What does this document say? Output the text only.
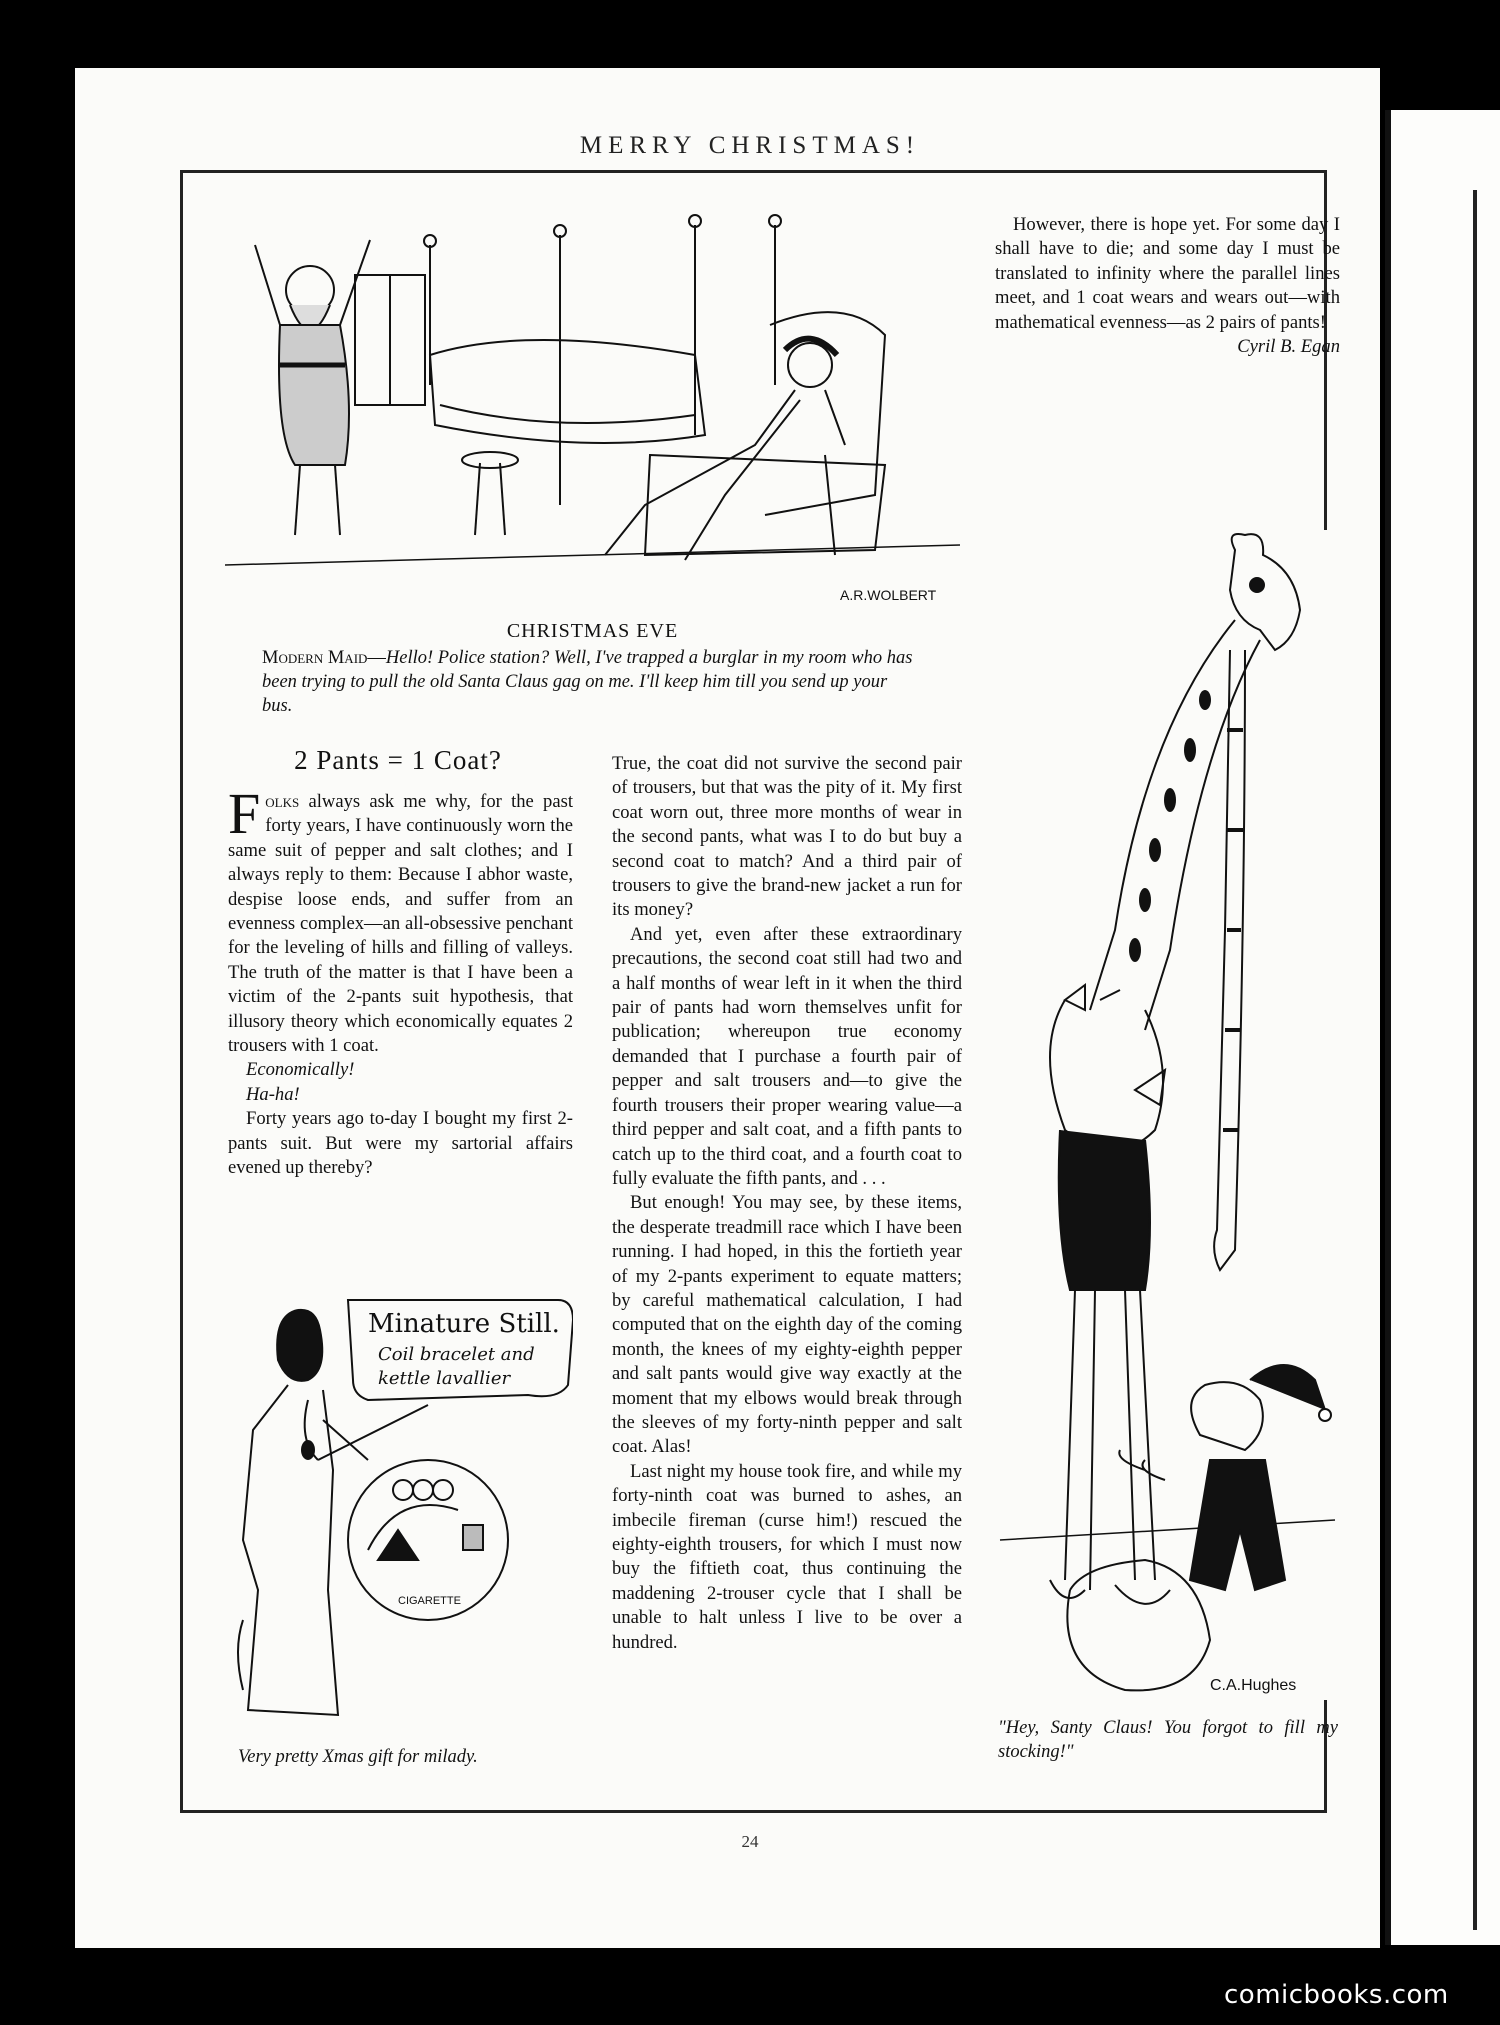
MERRY CHRISTMAS!
A.R.WOLBERT
CHRISTMAS EVE
Modern Maid—Hello! Police station? Well, I've trapped a burglar in my room who has been trying to pull the old Santa Claus gag on me. I'll keep him till you send up your bus.
2 Pants = 1 Coat?

Folks always ask me why, for the past forty years, I have continuously worn the same suit of pepper and salt clothes; and I always reply to them: Because I abhor waste, despise loose ends, and suffer from an evenness complex—an all-obsessive penchant for the leveling of hills and filling of valleys. The truth of the matter is that I have been a victim of the 2-pants suit hypothesis, that illusory theory which economically equates 2 trousers with 1 coat.

Economically!

Ha-ha!

Forty years ago to-day I bought my first 2-pants suit. But were my sartorial affairs evened up thereby?

Minature Still.
Coil bracelet and
kettle lavallier
CIGARETTE
Very pretty Xmas gift for milady.

True, the coat did not survive the second pair of trousers, but that was the pity of it. My first coat worn out, three more months of wear in the second pants, what was I to do but buy a second coat to match? And a third pair of trousers to give the brand-new jacket a run for its money?

And yet, even after these extraordinary precautions, the second coat still had two and a half months of wear left in it when the third pair of pants had worn themselves unfit for publication; whereupon true economy demanded that I purchase a fourth pair of pepper and salt trousers and—to give the fourth trousers their proper wearing value—a third pepper and salt coat, and a fifth pants to catch up to the third coat, and a fourth coat to fully evaluate the fifth pants, and . . .

But enough! You may see, by these items, the desperate treadmill race which I have been running. I had hoped, in this the fortieth year of my 2-pants experiment to equate matters; by careful mathematical calculation, I had computed that on the eighth day of the coming month, the knees of my eighty-eighth pepper and salt pants would give way exactly at the moment that my elbows would break through the sleeves of my forty-ninth pepper and salt coat. Alas!

Last night my house took fire, and while my forty-ninth coat was burned to ashes, an imbecile fireman (curse him!) rescued the eighty-eighth trousers, for which I must now buy the fiftieth coat, thus continuing the maddening 2-trouser cycle that I shall be unable to halt unless I live to be over a hundred.

However, there is hope yet. For some day I shall have to die; and some day I must be translated to infinity where the parallel lines meet, and 1 coat wears and wears out—with mathematical evenness—as 2 pairs of pants!

Cyril B. Egan

C.A.Hughes
"Hey, Santy Claus! You forgot to fill my stocking!"
24
comicbooks.com
